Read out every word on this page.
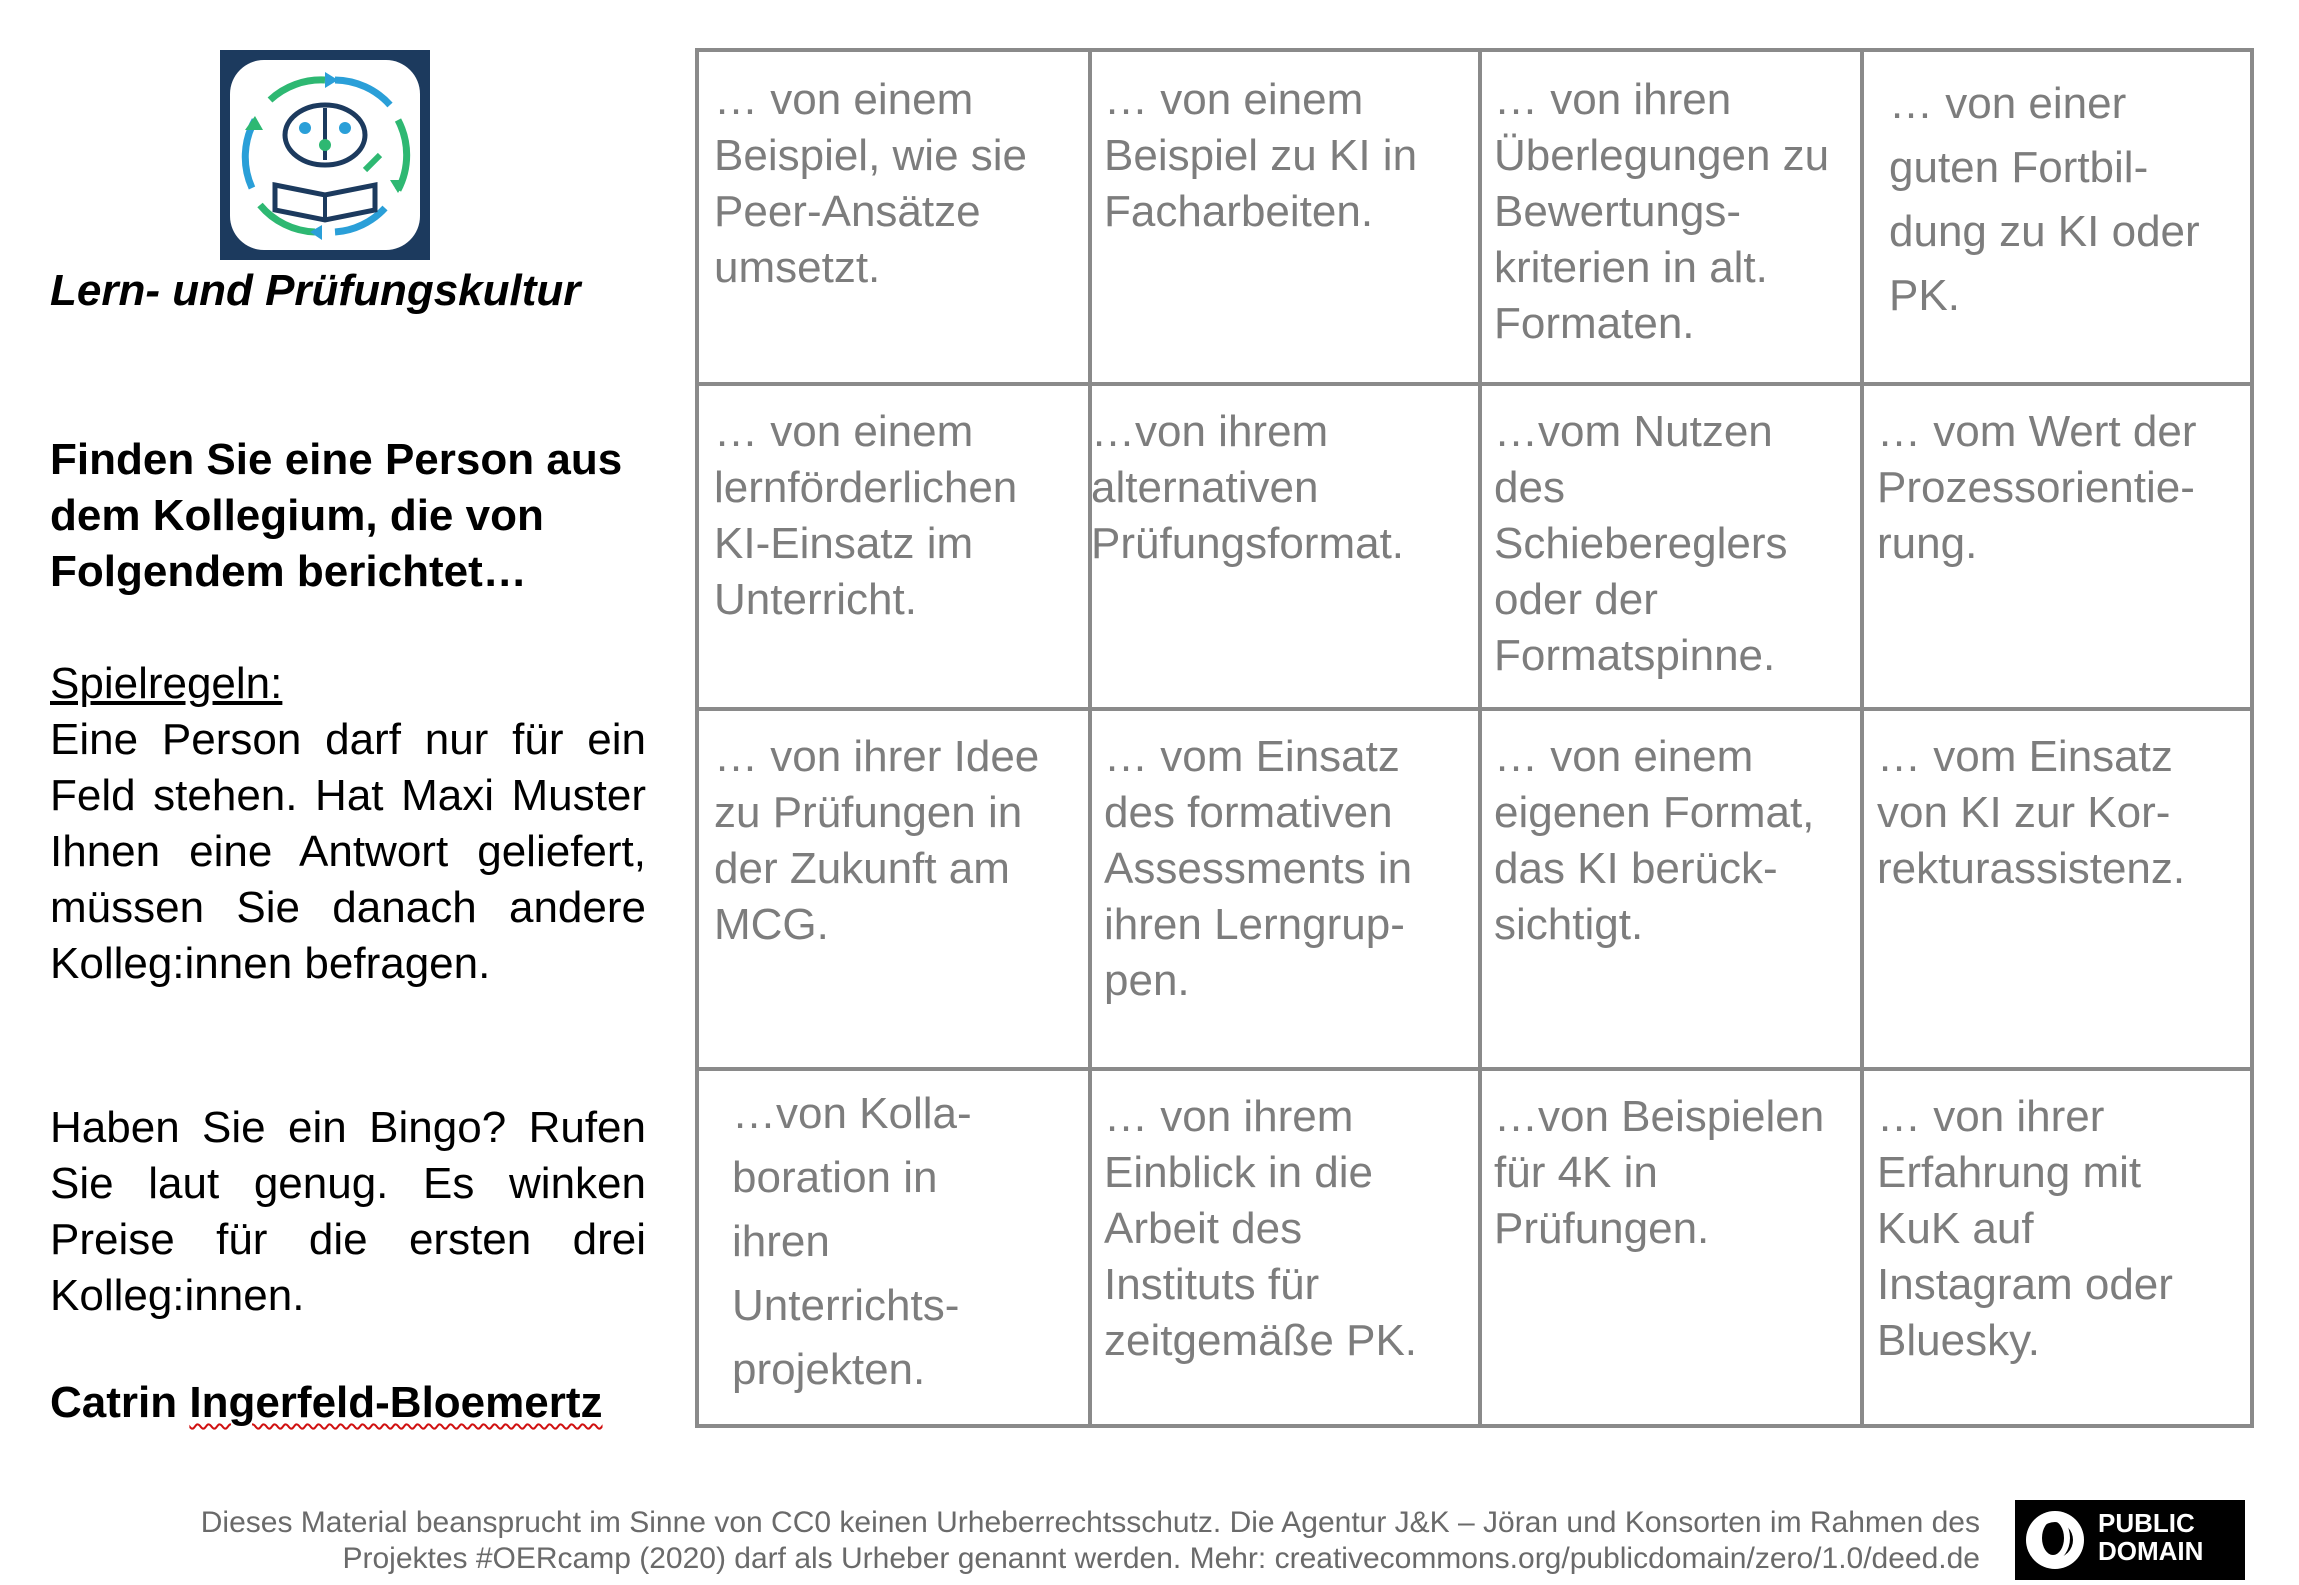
Lern- und Prüfungskultur
Finden Sie eine Person aus dem Kollegium, die von Folgendem berichtet…
Spielregeln:
Eine Person darf nur für ein Feld stehen. Hat Maxi Muster Ihnen eine Antwort geliefert, müssen Sie danach andere Kolleg:innen befragen.
Haben Sie ein Bingo? Rufen Sie laut genug. Es winken Preise für die ersten drei Kolleg:innen.
Catrin Ingerfeld-Bloemertz
… von einem
Beispiel, wie sie
Peer-Ansätze
umsetzt.
… von einem
Beispiel zu KI in
Facharbeiten.
… von ihren
Überlegungen zu
Bewertungs-
kriterien in alt.
Formaten.
… von einer
guten Fortbil-
dung zu KI oder
PK.
… von einem
lernförderlichen
KI-Einsatz im
Unterricht.
…von ihrem
alternativen
Prüfungsformat.
…vom Nutzen
des
Schiebereglers
oder der
Formatspinne.
… vom Wert der
Prozessorientie-
rung.
… von ihrer Idee
zu Prüfungen in
der Zukunft am
MCG.
… vom Einsatz
des formativen
Assessments in
ihren Lerngrup-
pen.
… von einem
eigenen Format,
das KI berück-
sichtigt.
… vom Einsatz
von KI zur Kor-
rekturassistenz.
…von Kolla-
boration in
ihren
Unterrichts-
projekten.
… von ihrem
Einblick in die
Arbeit des
Instituts für
zeitgemäße PK.
…von Beispielen
für 4K in
Prüfungen.
… von ihrer
Erfahrung mit
KuK auf
Instagram oder
Bluesky.
Dieses Material beansprucht im Sinne von CC0 keinen Urheberrechtsschutz. Die Agentur J&K – Jöran und Konsorten im Rahmen des Projektes #OERcamp (2020) darf als Urheber genannt werden. Mehr: creativecommons.org/publicdomain/zero/1.0/deed.de
PUBLIC
DOMAIN
